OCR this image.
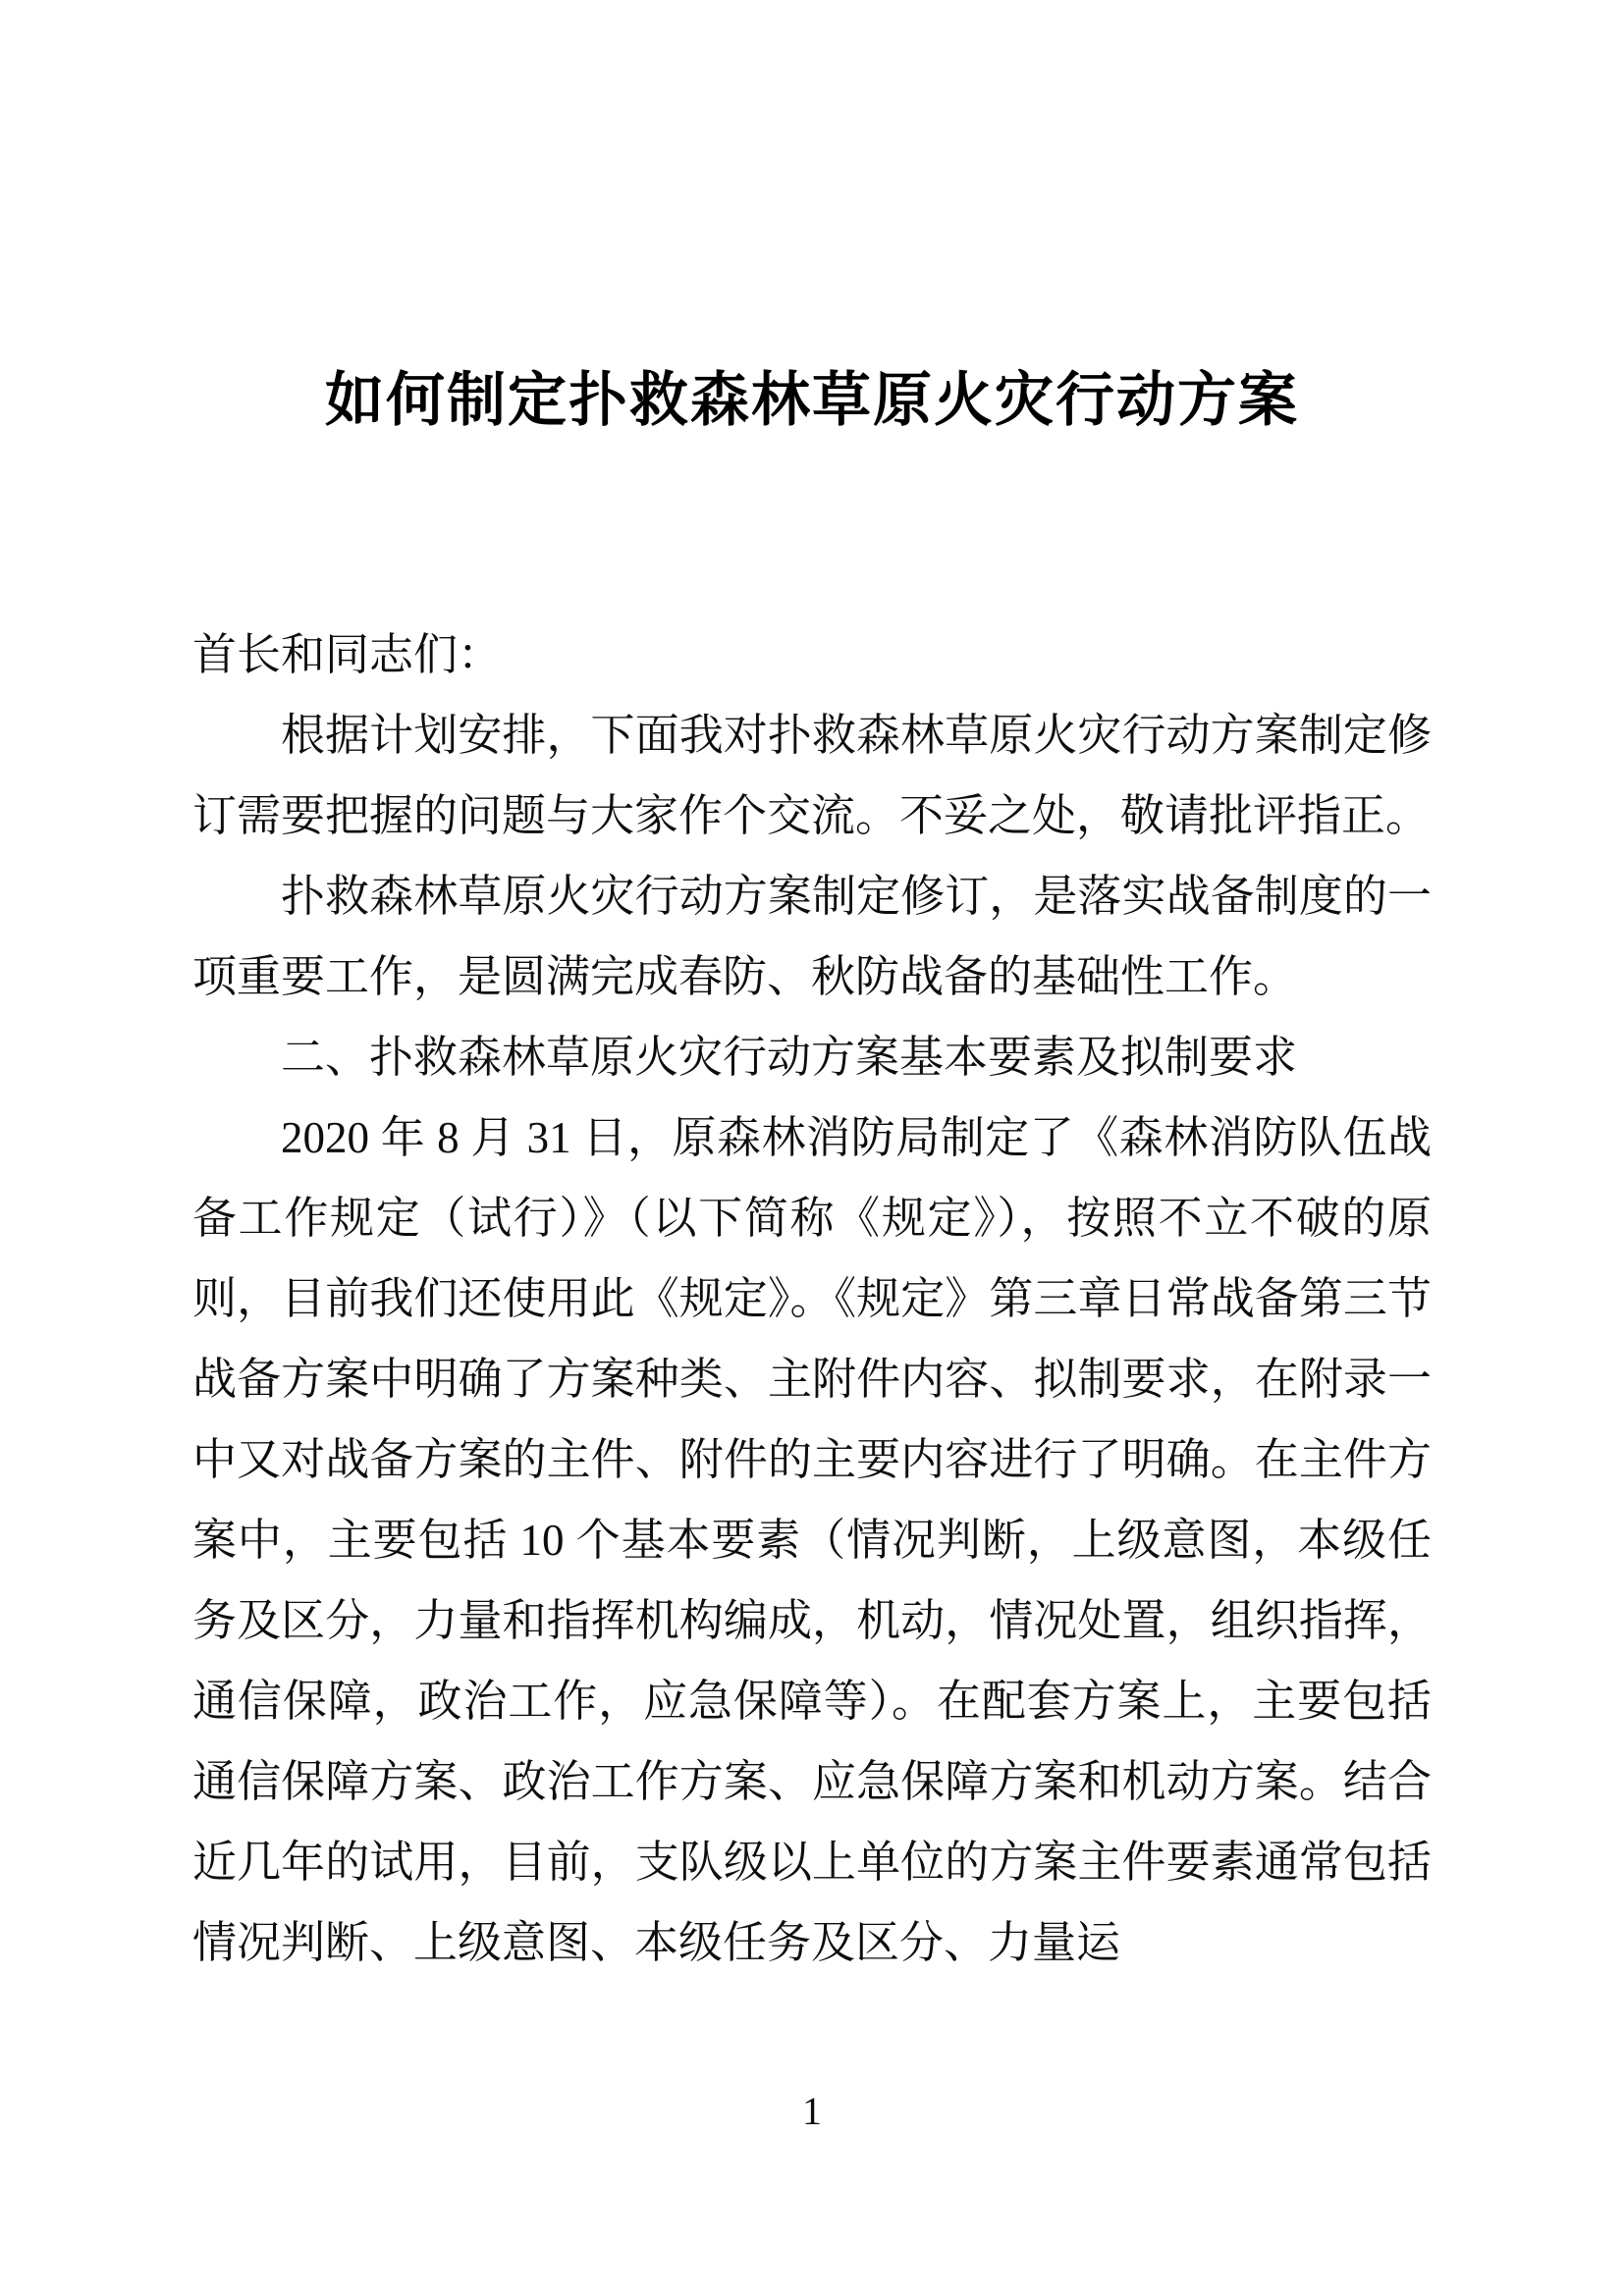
如何制定扑救森林草原火灾行动方案

首长和同志们：

根据计划安排，下面我对扑救森林草原火灾行动方案制定修订需要把握的问题与大家作个交流。不妥之处，敬请批评指正。

扑救森林草原火灾行动方案制定修订，是落实战备制度的一项重要工作，是圆满完成春防、秋防战备的基础性工作。

二、扑救森林草原火灾行动方案基本要素及拟制要求

2020 年 8 月 31 日，原森林消防局制定了《森林消防队伍战备工作规定（试行）》（以下简称《规定》），按照不立不破的原则，目前我们还使用此《规定》。《规定》第三章日常战备第三节战备方案中明确了方案种类、主附件内容、拟制要求，在附录一中又对战备方案的主件、附件的主要内容进行了明确。在主件方案中，主要包括 10 个基本要素（情况判断，上级意图，本级任务及区分，力量和指挥机构编成，机动，情况处置，组织指挥，通信保障，政治工作，应急保障等）。在配套方案上，主要包括通信保障方案、政治工作方案、应急保障方案和机动方案。结合近几年的试用，目前，支队级以上单位的方案主件要素通常包括情况判断、上级意图、本级任务及区分、力量运

1
